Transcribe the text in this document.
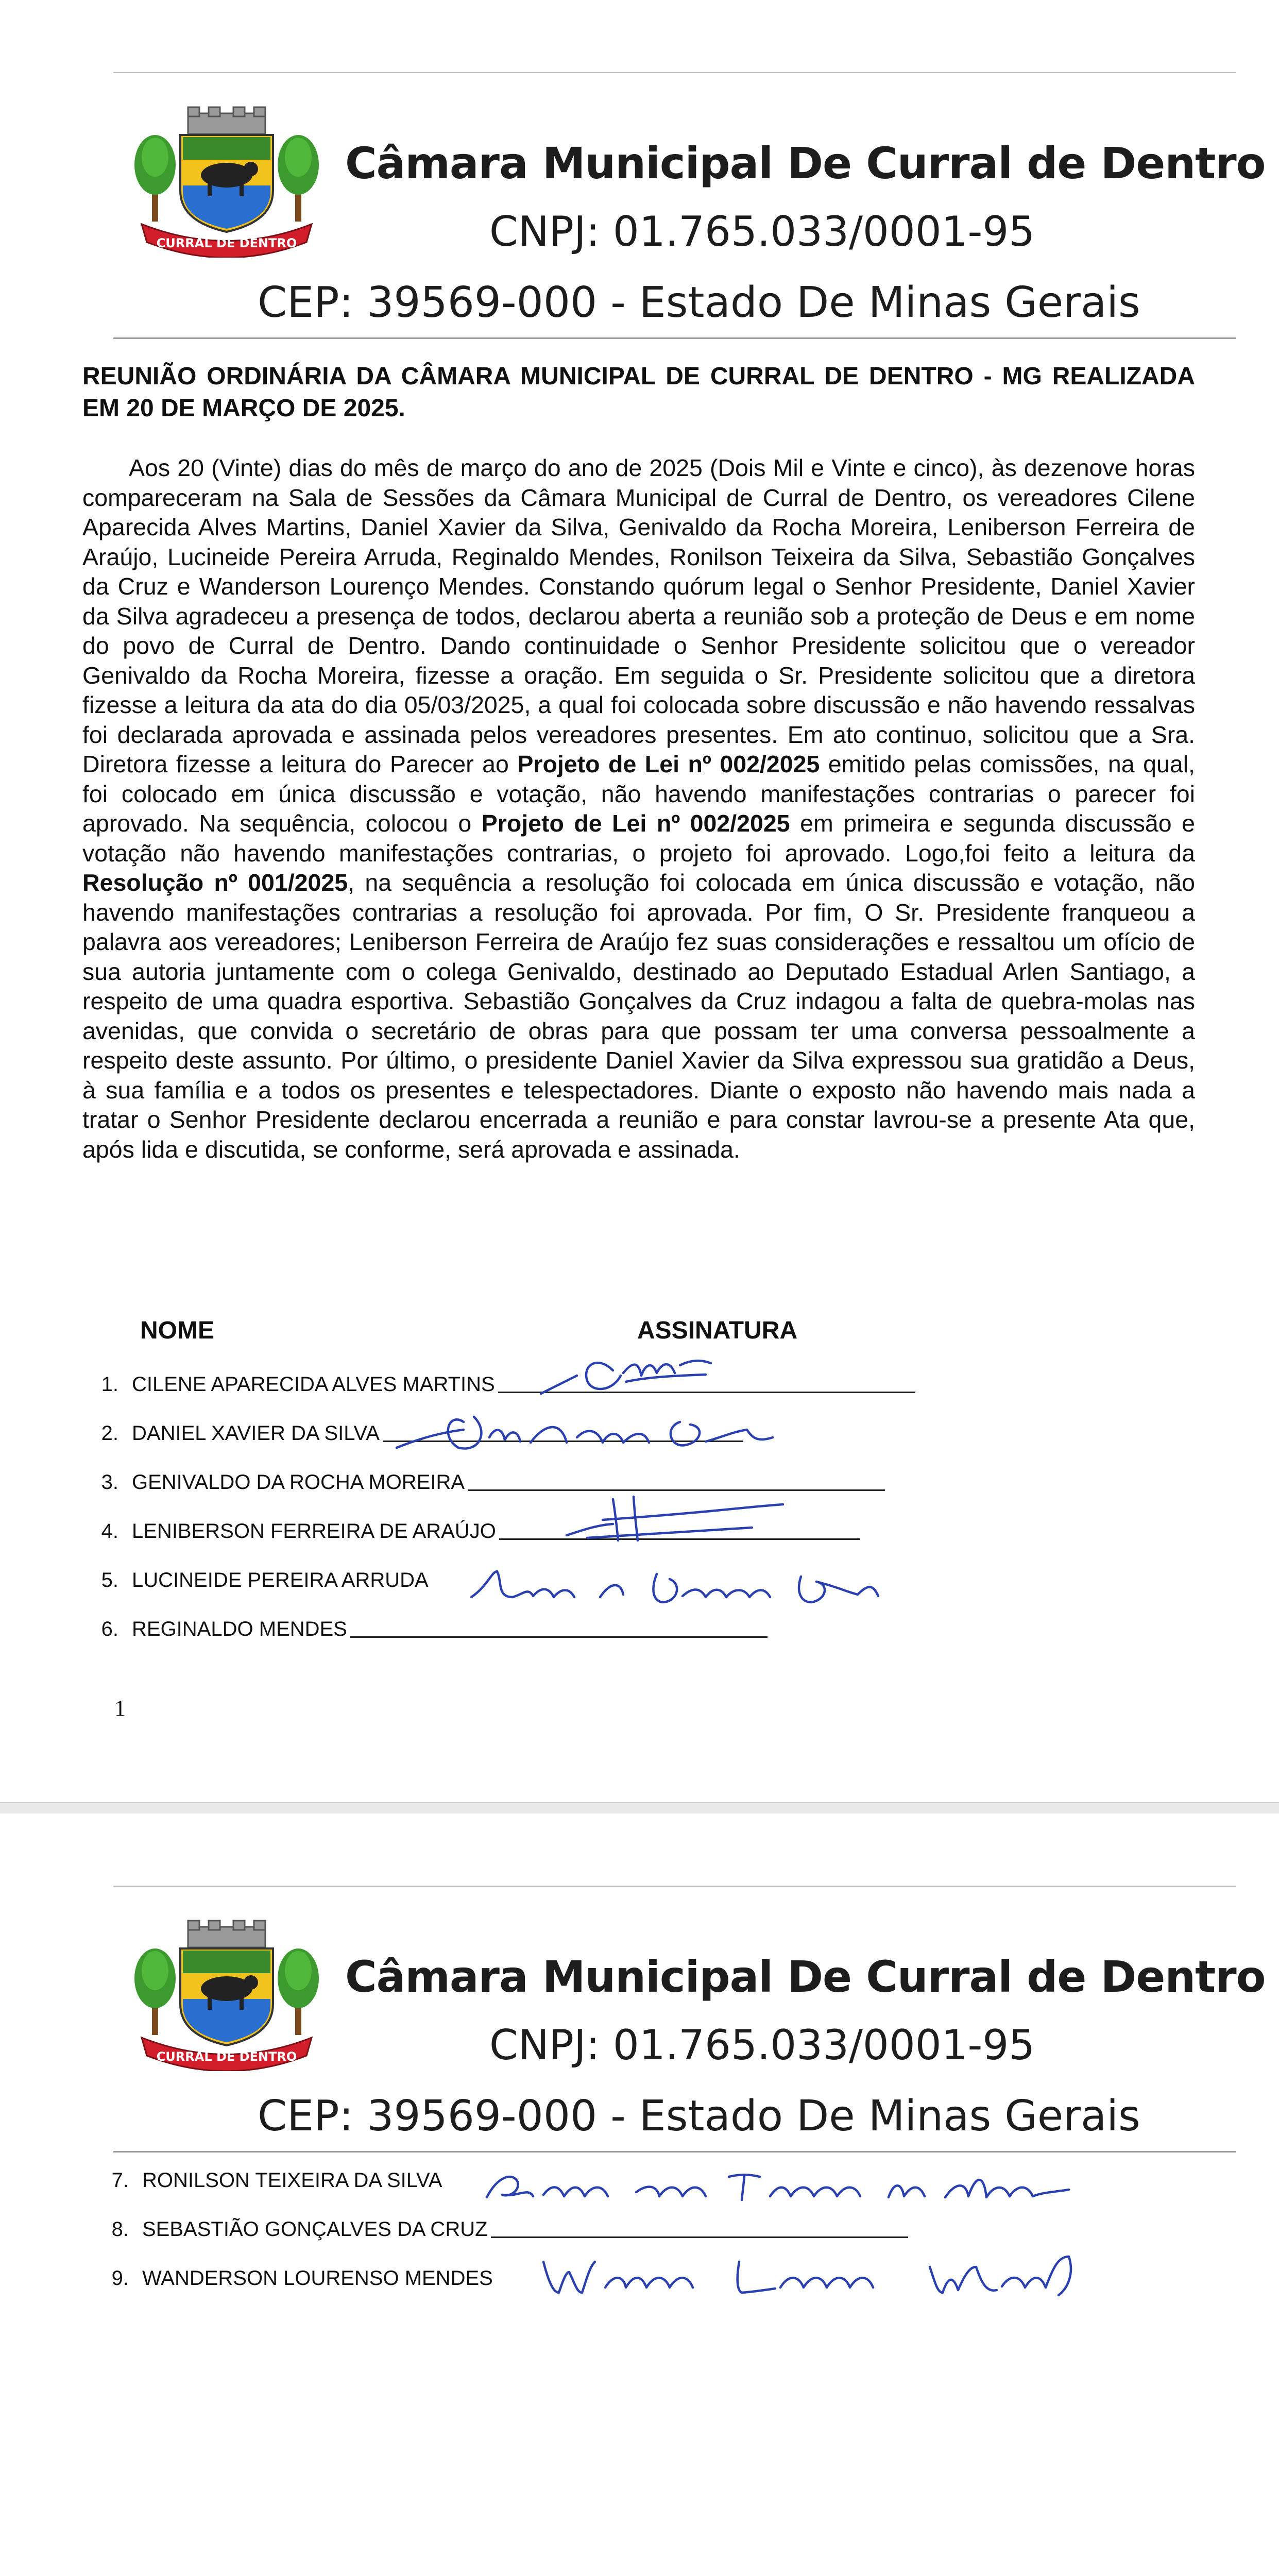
CURRAL DE DENTRO
Câmara Municipal De Curral de Dentro
CNPJ: 01.765.033/0001-95
CEP: 39569-000 - Estado De Minas Gerais
REUNIÃO ORDINÁRIA DA CÂMARA MUNICIPAL DE CURRAL DE DENTRO - MG REALIZADA EM 20 DE MARÇO DE 2025.
Aos 20 (Vinte) dias do mês de março do ano de 2025 (Dois Mil e Vinte e cinco), às dezenove horas compareceram na Sala de Sessões da Câmara Municipal de Curral de Dentro, os vereadores Cilene Aparecida Alves Martins, Daniel Xavier da Silva, Genivaldo da Rocha Moreira, Leniberson Ferreira de Araújo, Lucineide Pereira Arruda, Reginaldo Mendes, Ronilson Teixeira da Silva, Sebastião Gonçalves da Cruz e Wanderson Lourenço Mendes. Constando quórum legal o Senhor Presidente, Daniel Xavier da Silva agradeceu a presença de todos, declarou aberta a reunião sob a proteção de Deus e em nome do povo de Curral de Dentro. Dando continuidade o Senhor Presidente solicitou que o vereador Genivaldo da Rocha Moreira, fizesse a oração. Em seguida o Sr. Presidente solicitou que a diretora fizesse a leitura da ata do dia 05/03/2025, a qual foi colocada sobre discussão e não havendo ressalvas foi declarada aprovada e assinada pelos vereadores presentes. Em ato continuo, solicitou que a Sra. Diretora fizesse a leitura do Parecer ao Projeto de Lei nº 002/2025 emitido pelas comissões, na qual, foi colocado em única discussão e votação, não havendo manifestações contrarias o parecer foi aprovado. Na sequência, colocou o Projeto de Lei nº 002/2025 em primeira e segunda discussão e votação não havendo manifestações contrarias, o projeto foi aprovado. Logo,foi feito a leitura da Resolução nº 001/2025, na sequência a resolução foi colocada em única discussão e votação, não havendo manifestações contrarias a resolução foi aprovada. Por fim, O Sr. Presidente franqueou a palavra aos vereadores; Leniberson Ferreira de Araújo fez suas considerações e ressaltou um ofício de sua autoria juntamente com o colega Genivaldo, destinado ao Deputado Estadual Arlen Santiago, a respeito de uma quadra esportiva. Sebastião Gonçalves da Cruz indagou a falta de quebra-molas nas avenidas, que convida o secretário de obras para que possam ter uma conversa pessoalmente a respeito deste assunto. Por último, o presidente Daniel Xavier da Silva expressou sua gratidão a Deus, à sua família e a todos os presentes e telespectadores. Diante o exposto não havendo mais nada a tratar o Senhor Presidente declarou encerrada a reunião e para constar lavrou-se a presente Ata que, após lida e discutida, se conforme, será aprovada e assinada.
NOME	ASSINATURA
1. CILENE APARECIDA ALVES MARTINS
2. DANIEL XAVIER DA SILVA
3. GENIVALDO DA ROCHA MOREIRA
4. LENIBERSON FERREIRA DE ARAÚJO
5. LUCINEIDE PEREIRA ARRUDA
6. REGINALDO MENDES
1
CURRAL DE DENTRO
Câmara Municipal De Curral de Dentro
CNPJ: 01.765.033/0001-95
CEP: 39569-000 - Estado De Minas Gerais
7. RONILSON TEIXEIRA DA SILVA
8. SEBASTIÃO GONÇALVES DA CRUZ
9. WANDERSON LOURENSO MENDES
